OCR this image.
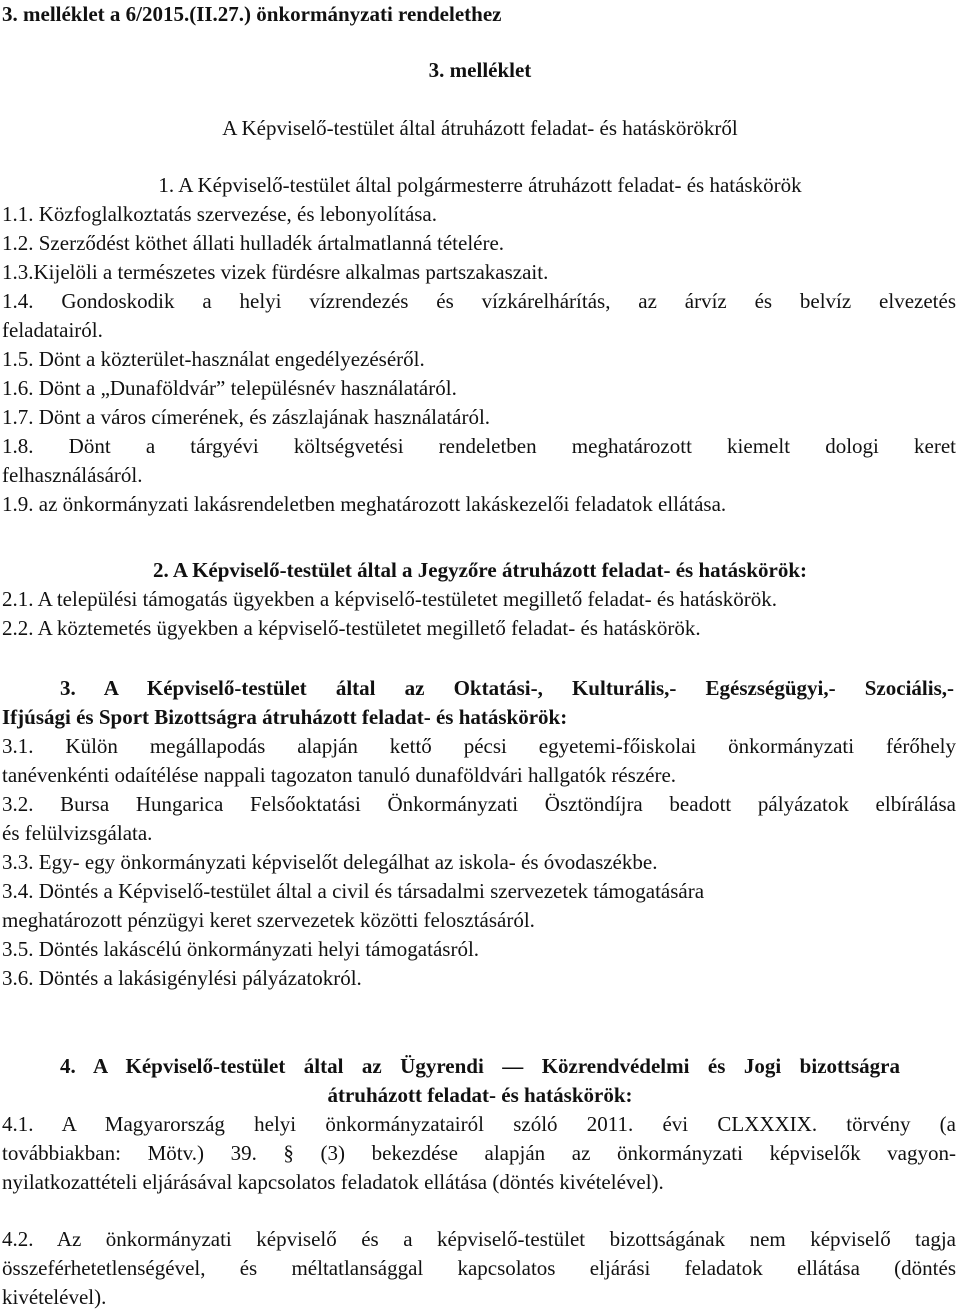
3. melléklet a 6/2015.(II.27.) önkormányzati rendelethez
3. melléklet
A Képviselő-testület által átruházott feladat- és hatáskörökről
1. A Képviselő-testület által polgármesterre átruházott feladat- és hatáskörök
1.1. Közfoglalkoztatás szervezése, és lebonyolítása.
1.2. Szerződést köthet állati hulladék ártalmatlanná tételére.
1.3.Kijelöli a természetes vizek fürdésre alkalmas partszakaszait.
1.4. Gondoskodik a helyi vízrendezés és vízkárelhárítás, az árvíz és belvíz elvezetés
feladatairól.
1.5. Dönt a közterület-használat engedélyezéséről.
1.6. Dönt a „Dunaföldvár” településnév használatáról.
1.7. Dönt a város címerének, és zászlajának használatáról.
1.8. Dönt a tárgyévi költségvetési rendeletben meghatározott kiemelt dologi keret
felhasználásáról.
1.9. az önkormányzati lakásrendeletben meghatározott lakáskezelői feladatok ellátása.
2. A Képviselő-testület által a Jegyzőre átruházott feladat- és hatáskörök:
2.1. A települési támogatás ügyekben a képviselő-testületet megillető feladat- és hatáskörök.
2.2. A köztemetés ügyekben a képviselő-testületet megillető feladat- és hatáskörök.
3. A Képviselő-testület által az Oktatási-, Kulturális,- Egészségügyi,- Szociális,-
Ifjúsági és Sport Bizottságra átruházott feladat- és hatáskörök:
3.1. Külön megállapodás alapján kettő pécsi egyetemi-főiskolai önkormányzati férőhely
tanévenkénti odaítélése nappali tagozaton tanuló dunaföldvári hallgatók részére.
3.2. Bursa Hungarica Felsőoktatási Önkormányzati Ösztöndíjra beadott pályázatok elbírálása
és felülvizsgálata.
3.3. Egy- egy önkormányzati képviselőt delegálhat az iskola- és óvodaszékbe.
3.4. Döntés a Képviselő-testület által a civil és társadalmi szervezetek támogatására
meghatározott pénzügyi keret szervezetek közötti felosztásáról.
3.5. Döntés lakáscélú önkormányzati helyi támogatásról.
3.6. Döntés a lakásigénylési pályázatokról.
4. A Képviselő-testület által az Ügyrendi — Közrendvédelmi és Jogi bizottságra
átruházott feladat- és hatáskörök:
4.1. A Magyarország helyi önkormányzatairól szóló 2011. évi CLXXXIX. törvény (a
továbbiakban: Mötv.) 39. § (3) bekezdése alapján az önkormányzati képviselők vagyon-
nyilatkozattételi eljárásával kapcsolatos feladatok ellátása (döntés kivételével).
4.2. Az önkormányzati képviselő és a képviselő-testület bizottságának nem képviselő tagja
összeférhetetlenségével, és méltatlansággal kapcsolatos eljárási feladatok ellátása (döntés
kivételével).
